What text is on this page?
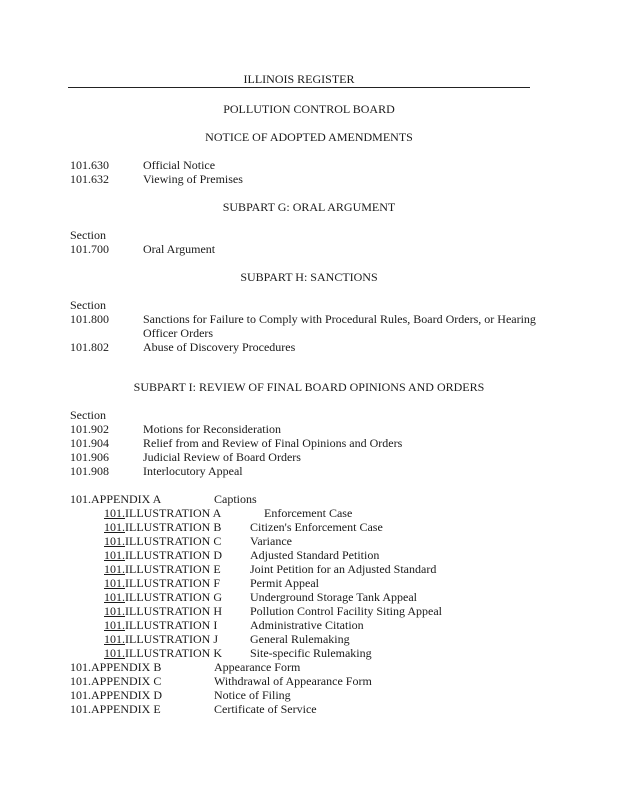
ILLINOIS REGISTER
POLLUTION CONTROL BOARD
NOTICE OF ADOPTED AMENDMENTS
101.630	Official Notice
101.632	Viewing of Premises
SUBPART G: ORAL ARGUMENT
Section
101.700	Oral Argument
SUBPART H: SANCTIONS
Section
101.800	Sanctions for Failure to Comply with Procedural Rules, Board Orders, or Hearing Officer Orders
101.802	Abuse of Discovery Procedures
SUBPART I: REVIEW OF FINAL BOARD OPINIONS AND ORDERS
Section
101.902	Motions for Reconsideration
101.904	Relief from and Review of Final Opinions and Orders
101.906	Judicial Review of Board Orders
101.908	Interlocutory Appeal
101.APPENDIX A	Captions
101.ILLUSTRATION A	Enforcement Case
101.ILLUSTRATION B Citizen's Enforcement Case
101.ILLUSTRATION C Variance
101.ILLUSTRATION D Adjusted Standard Petition
101.ILLUSTRATION E Joint Petition for an Adjusted Standard
101.ILLUSTRATION F	Permit Appeal
101.ILLUSTRATION G Underground Storage Tank Appeal
101.ILLUSTRATION H Pollution Control Facility Siting Appeal
101.ILLUSTRATION I	Administrative Citation
101.ILLUSTRATION J	General Rulemaking
101.ILLUSTRATION K Site-specific Rulemaking
101.APPENDIX B	Appearance Form
101.APPENDIX C	Withdrawal of Appearance Form
101.APPENDIX D	Notice of Filing
101.APPENDIX E	Certificate of Service
